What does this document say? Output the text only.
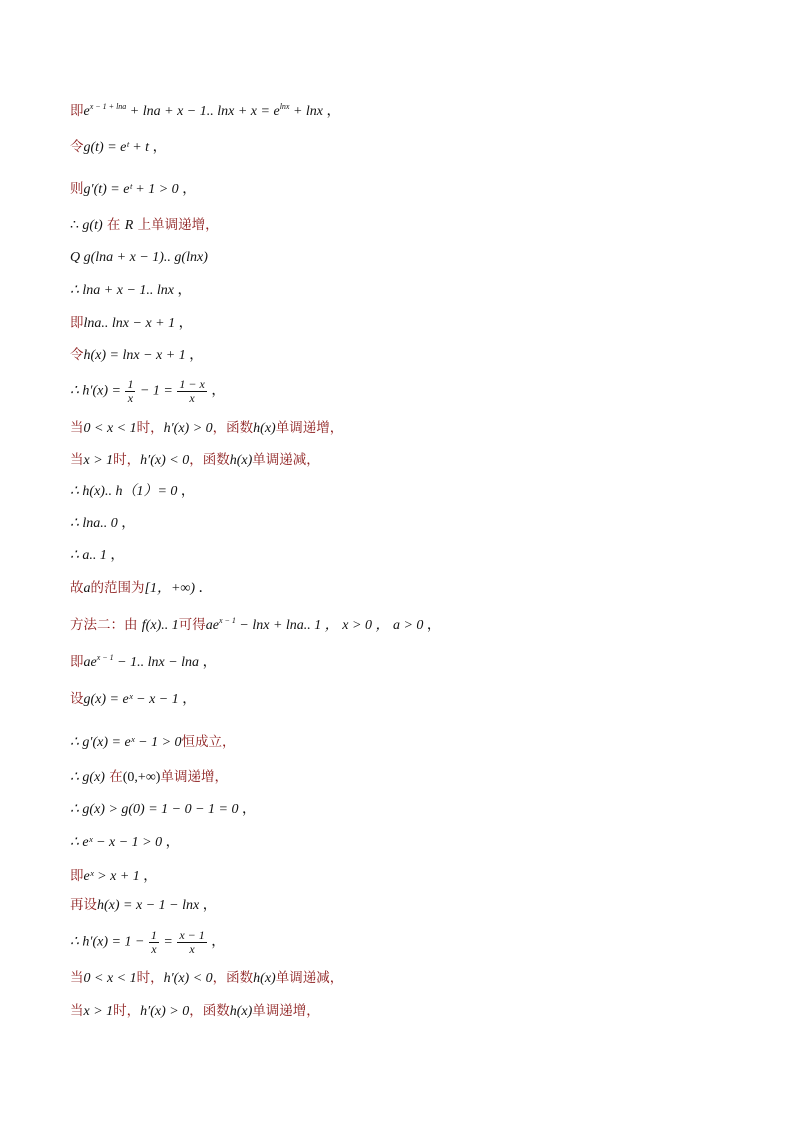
即$e^{x - 1 + lna} + \ln a + x - 1$.. $\ln x + x = e^{lnx} + \ln x$ ，
令g(t) = eᵗ + t ，
则g′(t) = eᵗ + 1 > 0 ，
∴ g(t) 在 R 上单调递增，
Q g(lna + x − 1).. g(lnx)
∴ lna + x − 1.. lnx ，
即lna.. lnx − x + 1 ，
令h(x) = lnx − x + 1 ，
∴ $h'(x) = \frac{1}{x} - 1 = \frac{1 - x}{x}$ ，
当0 < x < 1时，h′(x) > 0，函数h(x)单调递增，
当x > 1时，h′(x) < 0，函数h(x)单调递减，
∴ h(x).. h（1）= 0 ，
∴ lna.. 0 ，
∴ a.. 1 ，
故a的范围为[1，+∞) ．
方法二：由 f(x).. 1可得$ae^{x - 1} - \ln x + \ln a$.. 1 ， x > 0 ， a > 0 ，
即$ae^{x - 1} - 1$.. lnx − lna ，
设g(x) = eˣ − x − 1 ，
∴ g′(x) = eˣ − 1 > 0恒成立，
∴ g(x) 在(0,+∞)单调递增，
∴ g(x) > g(0) = 1 − 0 − 1 = 0 ，
∴ eˣ − x − 1 > 0 ，
即eˣ > x + 1 ，
再设h(x) = x − 1 − lnx ，
∴ $h'(x) = 1 - \frac{1}{x} = \frac{x - 1}{x}$ ，
当0 < x < 1时，h′(x) < 0，函数h(x)单调递减，
当x > 1时，h′(x) > 0，函数h(x)单调递增，
